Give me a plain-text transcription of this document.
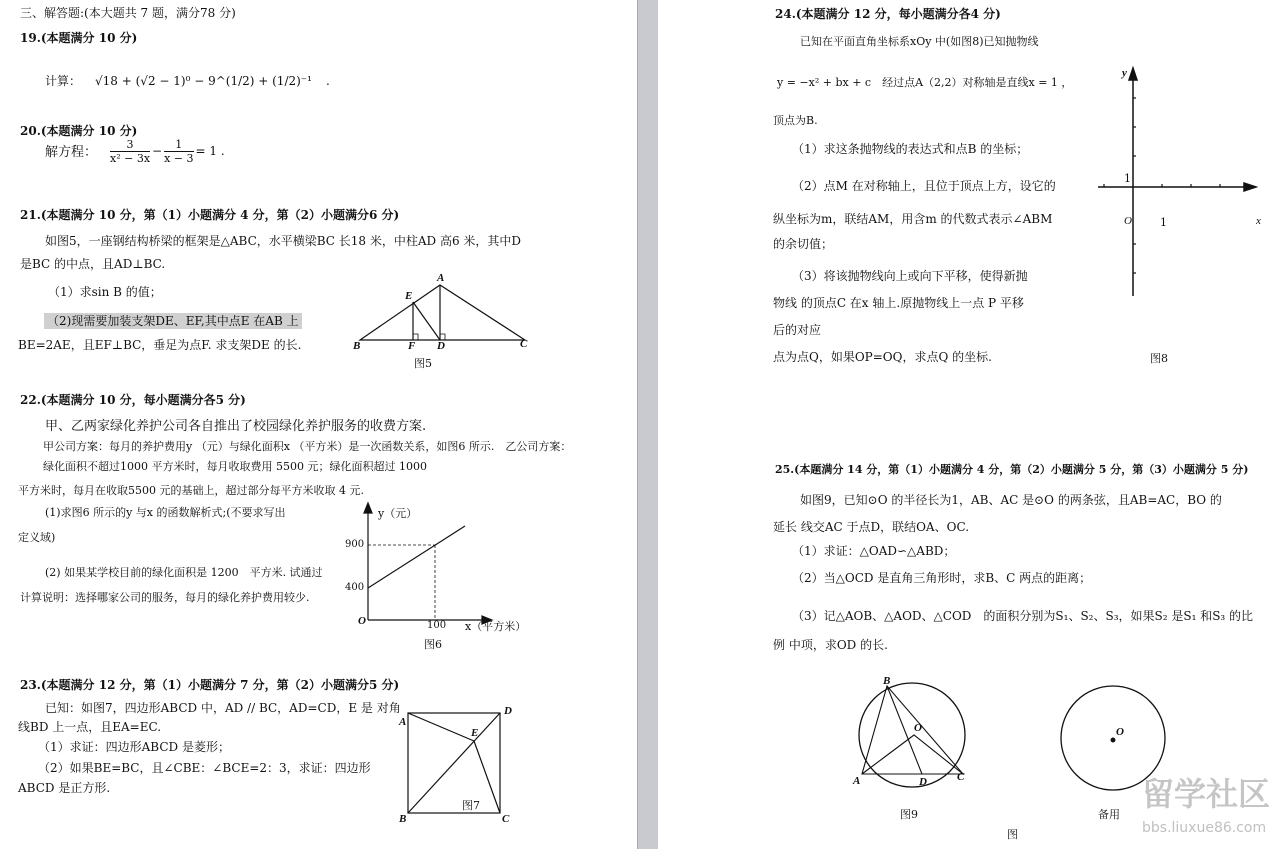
三、解答题:(本大题共 7 题，满分78 分)
19.(本题满分 10 分)
计算： √18 + (√2 − 1)⁰ − 9^(1/2) + (1/2)⁻¹ .
20.(本题满分 10 分)
解方程： $\frac{3}{\text{x² − 3x}} - \frac{1}{x - 3} = 1$ .
21.(本题满分 10 分，第（1）小题满分 4 分，第（2）小题满分6 分)
如图5，一座钢结构桥梁的框架是△ABC，水平横梁BC 长18 米，中柱AD 高6 米，其中D
是BC 的中点，且AD⊥BC.
（1）求sin B 的值；
（2)现需要加装支架DE、EF,其中点E 在AB 上
BE=2AE，且EF⊥BC，垂足为点F. 求支架DE 的长.
22.(本题满分 10 分，每小题满分各5 分)
甲、乙两家绿化养护公司各自推出了校园绿化养护服务的收费方案.
甲公司方案：每月的养护费用y （元）与绿化面积x （平方米）是一次函数关系，如图6 所示.　乙公司方案：
绿化面积不超过1000 平方米时，每月收取费用 5500 元；绿化面积超过 1000
平方米时，每月在收取5500 元的基础上，超过部分每平方米收取 4 元.
(1)求图6 所示的y 与x 的函数解析式;(不要求写出
定义域)
(2) 如果某学校目前的绿化面积是 1200　平方米. 试通过
计算说明：选择哪家公司的服务，每月的绿化养护费用较少.
23.(本题满分 12 分，第（1）小题满分 7 分，第（2）小题满分5 分)
已知：如图7，四边形ABCD 中，AD // BC，AD=CD，E 是 对角
线BD 上一点，且EA=EC.
（1）求证：四边形ABCD 是菱形；
（2）如果BE=BC，且∠CBE：∠BCE=2：3，求证：四边形
ABCD 是正方形.
A
E
B	F D	C
图5
y（元）
900
400
O	100 x（平方米）
图6
A
D
E
B	C
图7
24.(本题满分 12 分，每小题满分各4 分)
已知在平面直角坐标系xOy 中(如图8)已知抛物线
y = −x² + bx + c　经过点A（2,2）对称轴是直线x = 1 ，
顶点为B.
（1）求这条抛物线的表达式和点B 的坐标；
（2）点M 在对称轴上，且位于顶点上方，设它的
纵坐标为m，联结AM，用含m 的代数式表示∠ABM
的余切值；
（3）将该抛物线向上或向下平移，使得新抛
物线 的顶点C 在x 轴上.原抛物线上一点 P 平移
后的对应
点为点Q，如果OP=OQ，求点Q 的坐标.
y
1
O	1	x
图8
25.(本题满分 14 分，第（1）小题满分 4 分，第（2）小题满分 5 分，第（3）小题满分 5 分)
如图9，已知⊙O 的半径长为1，AB、AC 是⊙O 的两条弦，且AB=AC，BO 的
延长 线交AC 于点D，联结OA、OC.
（1）求证：△OAD∽△ABD；
（2）当△OCD 是直角三角形时，求B、C 两点的距离；
（3）记△AOB、△AOD、△COD　的面积分别为S₁、S₂、S₃，如果S₂ 是S₁ 和S₃ 的比
例 中项，求OD 的长.
B
O
A	D	C
图9
O
备用
图
留学社区
bbs.liuxue86.com
